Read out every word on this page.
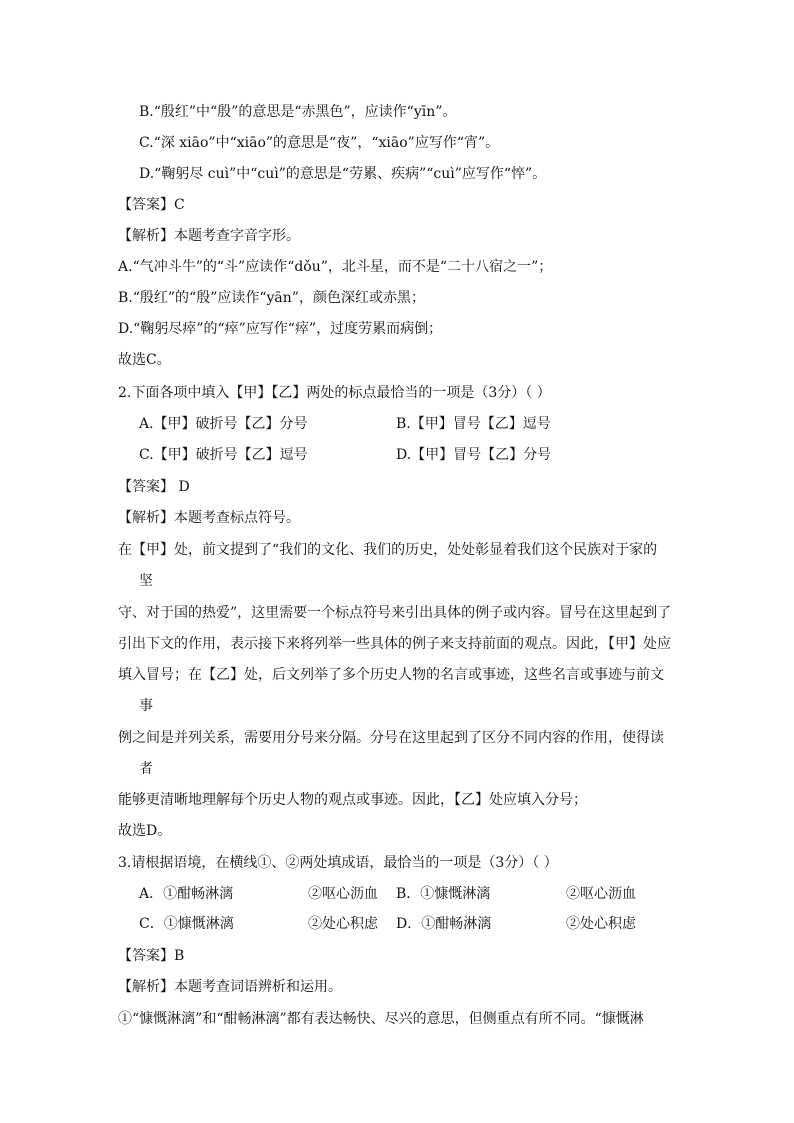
B.“殷红”中“殷”的意思是“赤黑色”，应读作“yīn”。
C.“深 xiāo”中“xiāo”的意思是“夜”，“xiāo”应写作“宵”。
D.“鞠躬尽 cuì”中“cuì”的意思是“劳累、疾病”“cuì”应写作“悴”。
【答案】C
【解析】本题考查字音字形。
A.“气冲斗牛”的“斗”应读作“dǒu”，北斗星，而不是“二十八宿之一”；
B.“殷红”的“殷”应读作“yān”，颜色深红或赤黑；
D.“鞠躬尽瘁”的“瘁”应写作“瘁”，过度劳累而病倒；
故选C。
2.下面各项中填入【甲】【乙】两处的标点最恰当的一项是（3分）（ ）
A.【甲】破折号【乙】分号	B.【甲】冒号【乙】逗号
C.【甲】破折号【乙】逗号	D.【甲】冒号【乙】分号
【答案】 D
【解析】本题考查标点符号。
在【甲】处，前文提到了“我们的文化、我们的历史，处处彰显着我们这个民族对于家的
坚
守、对于国的热爱”，这里需要一个标点符号来引出具体的例子或内容。冒号在这里起到了
引出下文的作用，表示接下来将列举一些具体的例子来支持前面的观点。因此，【甲】处应
填入冒号；在【乙】处，后文列举了多个历史人物的名言或事迹，这些名言或事迹与前文
事
例之间是并列关系，需要用分号来分隔。分号在这里起到了区分不同内容的作用，使得读
者
能够更清晰地理解每个历史人物的观点或事迹。因此，【乙】处应填入分号；
故选D。
3.请根据语境，在横线①、②两处填成语，最恰当的一项是（3分）（ ）
A．①酣畅淋漓	②呕心沥血 B．①慷慨淋漓	②呕心沥血
C．①慷慨淋漓	②处心积虑 D．①酣畅淋漓	②处心积虑
【答案】B
【解析】本题考查词语辨析和运用。
①“慷慨淋漓”和“酣畅淋漓”都有表达畅快、尽兴的意思，但侧重点有所不同。“慷慨淋
